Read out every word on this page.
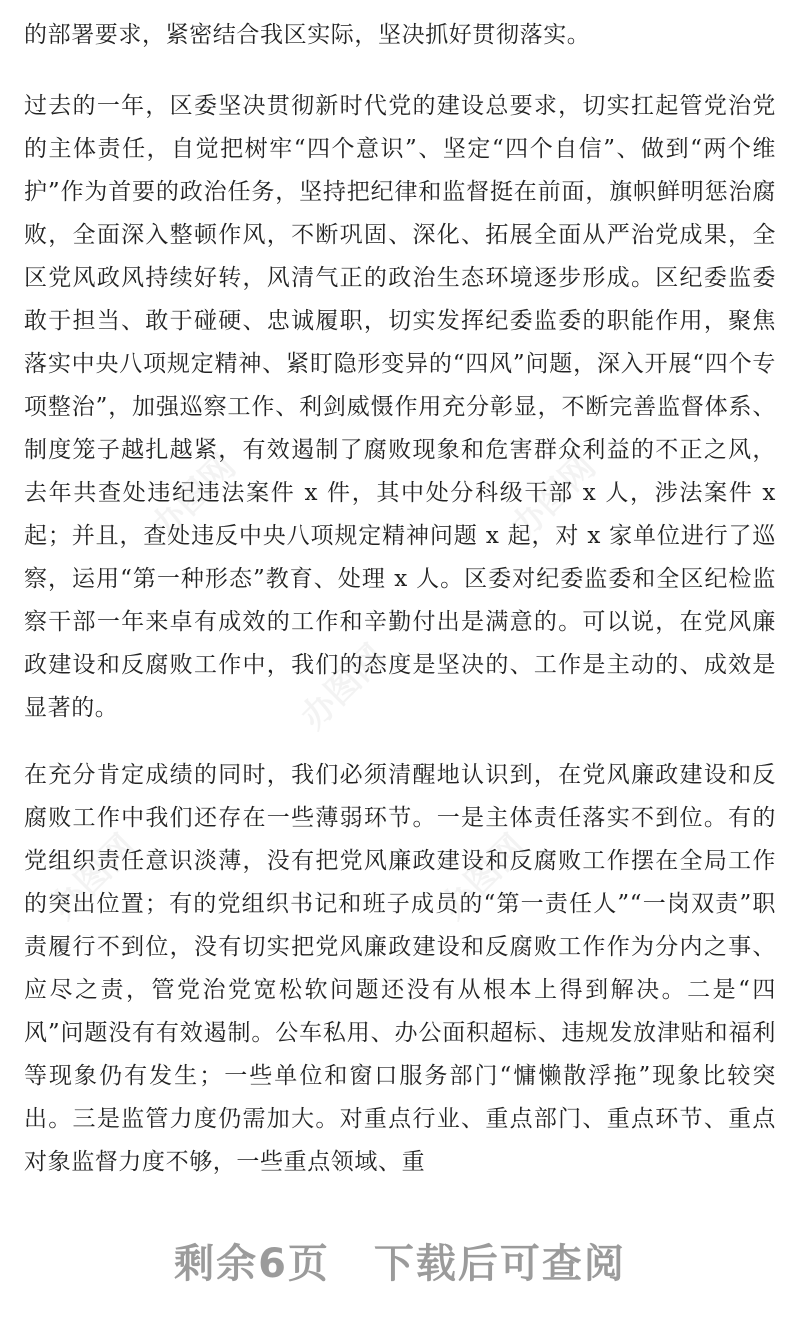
办图网	办图网
办图网
办图网	办图网

的部署要求，紧密结合我区实际，坚决抓好贯彻落实。

过去的一年，区委坚决贯彻新时代党的建设总要求，切实扛起管党治党的主体责任，自觉把树牢“四个意识”、坚定“四个自信”、做到“两个维护”作为首要的政治任务，坚持把纪律和监督挺在前面，旗帜鲜明惩治腐败，全面深入整顿作风，不断巩固、深化、拓展全面从严治党成果，全区党风政风持续好转，风清气正的政治生态环境逐步形成。区纪委监委敢于担当、敢于碰硬、忠诚履职，切实发挥纪委监委的职能作用，聚焦落实中央八项规定精神、紧盯隐形变异的“四风”问题，深入开展“四个专项整治”，加强巡察工作、利剑威慑作用充分彰显，不断完善监督体系、制度笼子越扎越紧，有效遏制了腐败现象和危害群众利益的不正之风，去年共查处违纪违法案件 x 件，其中处分科级干部 x 人，涉法案件 x 起；并且，查处违反中央八项规定精神问题 x 起，对 x 家单位进行了巡察，运用“第一种形态”教育、处理 x 人。区委对纪委监委和全区纪检监察干部一年来卓有成效的工作和辛勤付出是满意的。可以说，在党风廉政建设和反腐败工作中，我们的态度是坚决的、工作是主动的、成效是显著的。

在充分肯定成绩的同时，我们必须清醒地认识到，在党风廉政建设和反腐败工作中我们还存在一些薄弱环节。一是主体责任落实不到位。有的党组织责任意识淡薄，没有把党风廉政建设和反腐败工作摆在全局工作的突出位置；有的党组织书记和班子成员的“第一责任人”“一岗双责”职责履行不到位，没有切实把党风廉政建设和反腐败工作作为分内之事、应尽之责，管党治党宽松软问题还没有从根本上得到解决。二是“四风”问题没有有效遏制。公车私用、办公面积超标、违规发放津贴和福利等现象仍有发生；一些单位和窗口服务部门“慵懒散浮拖”现象比较突出。三是监管力度仍需加大。对重点行业、重点部门、重点环节、重点对象监督力度不够，一些重点领域、重

剩余6页 下载后可查阅
